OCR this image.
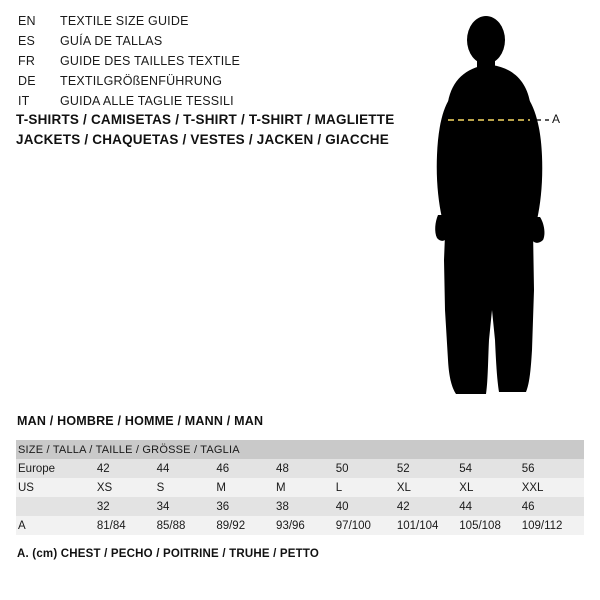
EN	TEXTILE SIZE GUIDE
ES	GUÍA DE TALLAS
FR	GUIDE DES TAILLES TEXTILE
DE	TEXTILGRÖßENFÜHRUNG
IT	GUIDA ALLE TAGLIE TESSILI
T-SHIRTS / CAMISETAS / T-SHIRT / T-SHIRT / MAGLIETTE
JACKETS / CHAQUETAS / VESTES / JACKEN / GIACCHE
A
MAN / HOMBRE / HOMME / MANN / MAN
SIZE / TALLA / TAILLE / GRÖSSE / TAGLIA								
Europe	42	44	46	48	50	52	54	56
US	XS	S	M	M	L	XL	XL	XXL
	32	34	36	38	40	42	44	46
A	81/84	85/88	89/92	93/96	97/100	101/104	105/108	109/112
A. (cm) CHEST / PECHO / POITRINE / TRUHE / PETTO
